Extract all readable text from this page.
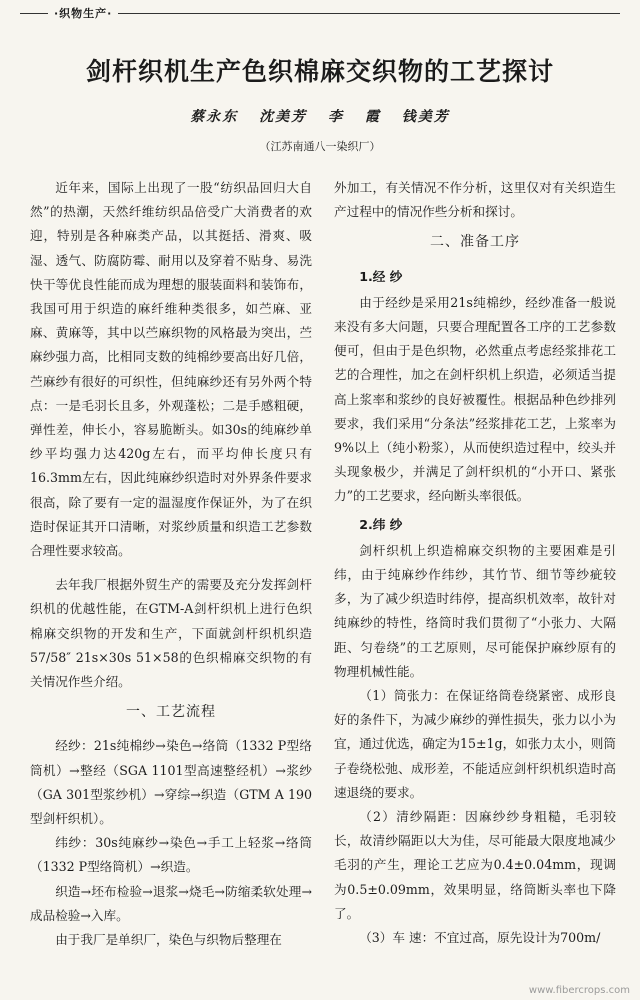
·织物生产·
剑杆织机生产色织棉麻交织物的工艺探讨
蔡永东 沈美芳 李 霞 钱美芳
（江苏南通八一染织厂）

近年来，国际上出现了一股“纺织品回归大自然”的热潮，天然纤维纺织品倍受广大消费者的欢迎，特别是各种麻类产品，以其挺括、滑爽、吸湿、透气、防腐防霉、耐用以及穿着不贴身、易洗快干等优良性能而成为理想的服装面料和装饰布，我国可用于织造的麻纤维种类很多，如苎麻、亚麻、黄麻等，其中以苎麻织物的风格最为突出，苎麻纱强力高，比相同支数的纯棉纱要高出好几倍，苎麻纱有很好的可织性，但纯麻纱还有另外两个特点：一是毛羽长且多，外观蓬松；二是手感粗硬，弹性差，伸长小，容易脆断头。如30s的纯麻纱单纱平均强力达420g左右，而平均伸长度只有16.3mm左右，因此纯麻纱织造时对外界条件要求很高，除了要有一定的温湿度作保证外，为了在织造时保证其开口清晰，对浆纱质量和织造工艺参数合理性要求较高。

去年我厂根据外贸生产的需要及充分发挥剑杆织机的优越性能，在GTM-A剑杆织机上进行色织棉麻交织物的开发和生产，下面就剑杆织机织造57/58″ 21s×30s 51×58的色织棉麻交织物的有关情况作些介绍。

一、工艺流程

经纱：21s纯棉纱→染色→络筒（1332 P型络筒机）→整经（SGA 1101型高速整经机）→浆纱（GA 301型浆纱机）→穿综→织造（GTM A 190型剑杆织机）。

纬纱：30s纯麻纱→染色→手工上轻浆→络筒（1332 P型络筒机）→织造。

织造→坯布检验→退浆→烧毛→防缩柔软处理→成品检验→入库。

由于我厂是单织厂，染色与织物后整理在

外加工，有关情况不作分析，这里仅对有关织造生产过程中的情况作些分析和探讨。

二、准备工序
1.经 纱

由于经纱是采用21s纯棉纱，经纱准备一般说来没有多大问题，只要合理配置各工序的工艺参数便可，但由于是色织物，必然重点考虑经浆排花工艺的合理性，加之在剑杆织机上织造，必须适当提高上浆率和浆纱的良好被覆性。根据品种色纱排列要求，我们采用“分条法”经浆排花工艺，上浆率为9%以上（纯小粉浆），从而使织造过程中，绞头并头现象极少，并满足了剑杆织机的“小开口、紧张力”的工艺要求，经向断头率很低。

2.纬 纱

剑杆织机上织造棉麻交织物的主要困难是引纬，由于纯麻纱作纬纱，其竹节、细节等纱疵较多，为了减少织造时纬停，提高织机效率，故针对纯麻纱的特性，络筒时我们贯彻了“小张力、大隔距、匀卷绕”的工艺原则，尽可能保护麻纱原有的物理机械性能。

（1）筒张力：在保证络筒卷绕紧密、成形良好的条件下，为减少麻纱的弹性损失，张力以小为宜，通过优选，确定为15±1g，如张力太小，则筒子卷绕松弛、成形差，不能适应剑杆织机织造时高速退绕的要求。

（2）清纱隔距：因麻纱纱身粗糙，毛羽较长，故清纱隔距以大为佳，尽可能最大限度地减少毛羽的产生，理论工艺应为0.4±0.04mm，现调为0.5±0.09mm，效果明显，络筒断头率也下降了。

（3）车 速：不宜过高，原先设计为700m/

www.fibercrops.com
